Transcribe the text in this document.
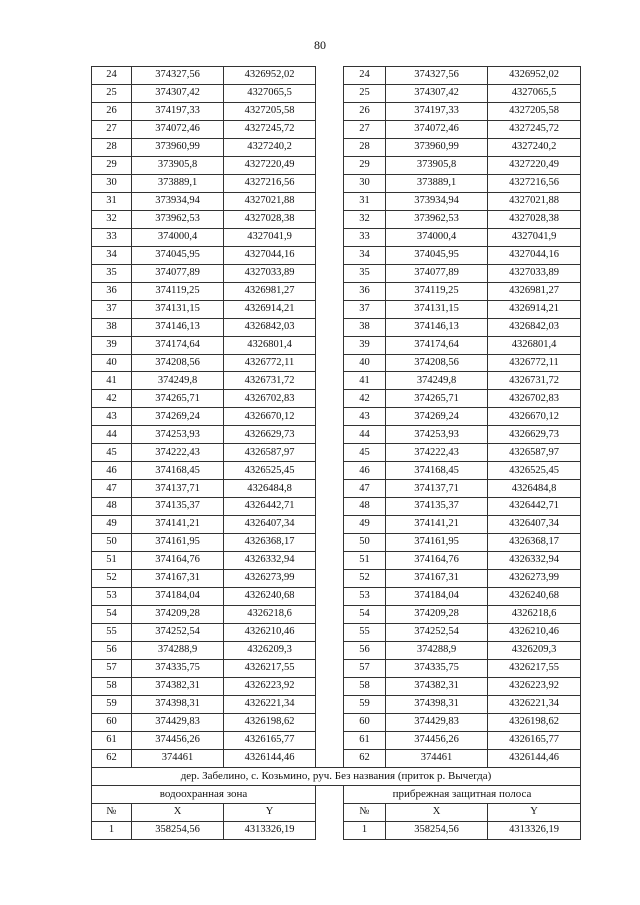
80
24	374327,56	4326952,02		24	374327,56	4326952,02
25	374307,42	4327065,5		25	374307,42	4327065,5
26	374197,33	4327205,58		26	374197,33	4327205,58
27	374072,46	4327245,72		27	374072,46	4327245,72
28	373960,99	4327240,2		28	373960,99	4327240,2
29	373905,8	4327220,49		29	373905,8	4327220,49
30	373889,1	4327216,56		30	373889,1	4327216,56
31	373934,94	4327021,88		31	373934,94	4327021,88
32	373962,53	4327028,38		32	373962,53	4327028,38
33	374000,4	4327041,9		33	374000,4	4327041,9
34	374045,95	4327044,16		34	374045,95	4327044,16
35	374077,89	4327033,89		35	374077,89	4327033,89
36	374119,25	4326981,27		36	374119,25	4326981,27
37	374131,15	4326914,21		37	374131,15	4326914,21
38	374146,13	4326842,03		38	374146,13	4326842,03
39	374174,64	4326801,4		39	374174,64	4326801,4
40	374208,56	4326772,11		40	374208,56	4326772,11
41	374249,8	4326731,72		41	374249,8	4326731,72
42	374265,71	4326702,83		42	374265,71	4326702,83
43	374269,24	4326670,12		43	374269,24	4326670,12
44	374253,93	4326629,73		44	374253,93	4326629,73
45	374222,43	4326587,97		45	374222,43	4326587,97
46	374168,45	4326525,45		46	374168,45	4326525,45
47	374137,71	4326484,8		47	374137,71	4326484,8
48	374135,37	4326442,71		48	374135,37	4326442,71
49	374141,21	4326407,34		49	374141,21	4326407,34
50	374161,95	4326368,17		50	374161,95	4326368,17
51	374164,76	4326332,94		51	374164,76	4326332,94
52	374167,31	4326273,99		52	374167,31	4326273,99
53	374184,04	4326240,68		53	374184,04	4326240,68
54	374209,28	4326218,6		54	374209,28	4326218,6
55	374252,54	4326210,46		55	374252,54	4326210,46
56	374288,9	4326209,3		56	374288,9	4326209,3
57	374335,75	4326217,55		57	374335,75	4326217,55
58	374382,31	4326223,92		58	374382,31	4326223,92
59	374398,31	4326221,34		59	374398,31	4326221,34
60	374429,83	4326198,62		60	374429,83	4326198,62
61	374456,26	4326165,77		61	374456,26	4326165,77
62	374461	4326144,46		62	374461	4326144,46
дер. Забелино, с. Козьмино, руч. Без названия (приток р. Вычегда)						
водоохранная зона				прибрежная защитная полоса		
№	X	Y		№	X	Y
1	358254,56	4313326,19		1	358254,56	4313326,19
